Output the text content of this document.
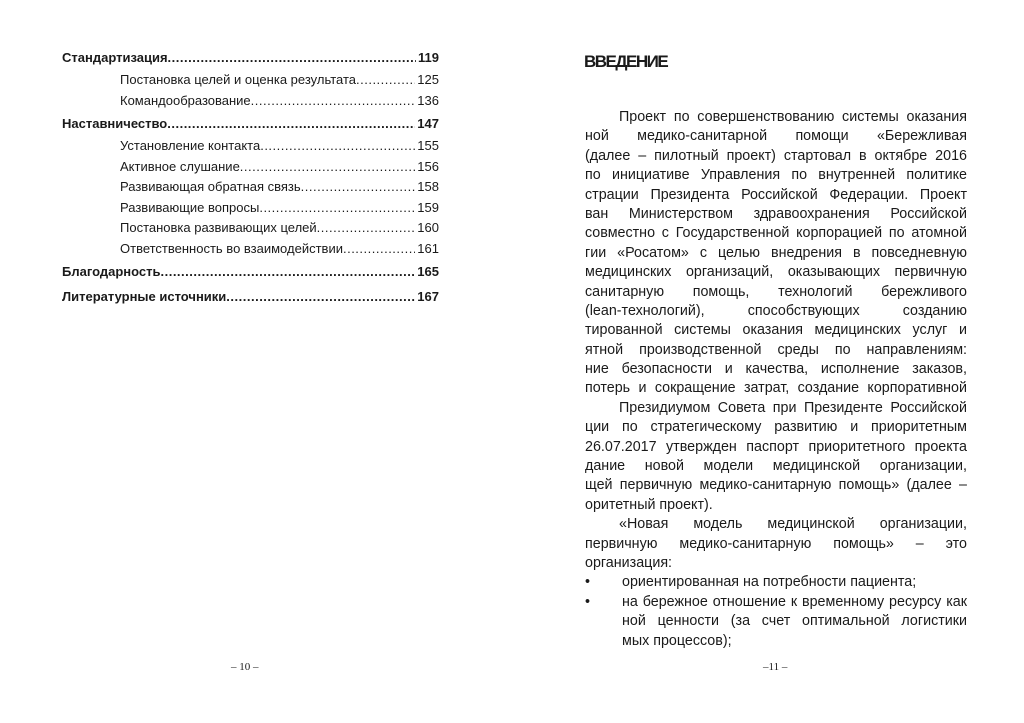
Стандартизация .....	119
Постановка целей и оценка результата .....	125
Командообразование .....	136
Наставничество .....	147
Установление контакта .....	155
Активное слушание .....	156
Развивающая обратная связь .....	158
Развивающие вопросы .....	159
Постановка развивающих целей .....	160
Ответственность во взаимодействии .....	161
Благодарность .....	165
Литературные источники .....	167
– 10 –
ВВЕДЕНИЕ
Проект по совершенствованию системы оказания
ной медико-санитарной помощи «Бережливая
(далее – пилотный проект) стартовал в октябре 2016
по инициативе Управления по внутренней политике
страции Президента Российской Федерации. Проект
ван Министерством здравоохранения Российской
совместно с Государственной корпорацией по атомной
гии «Росатом» с целью внедрения в повседневную
медицинских организаций, оказывающих первичную
санитарную помощь, технологий бережливого
(lean-технологий), способствующих созданию
тированной системы оказания медицинских услуг и
ятной производственной среды по направлениям:
ние безопасности и качества, исполнение заказов,
потерь и сокращение затрат, создание корпоративной
Президиумом Совета при Президенте Российской
ции по стратегическому развитию и приоритетным
26.07.2017 утвержден паспорт приоритетного проекта
дание новой модели медицинской организации,
щей первичную медико-санитарную помощь» (далее –
оритетный проект).
«Новая модель медицинской организации,
первичную медико-санитарную помощь» – это
организация:
• ориентированная на потребности пациента;
• на бережное отношение к временному ресурсу как
ной ценности (за счет оптимальной логистики
мых процессов);
–11 –
